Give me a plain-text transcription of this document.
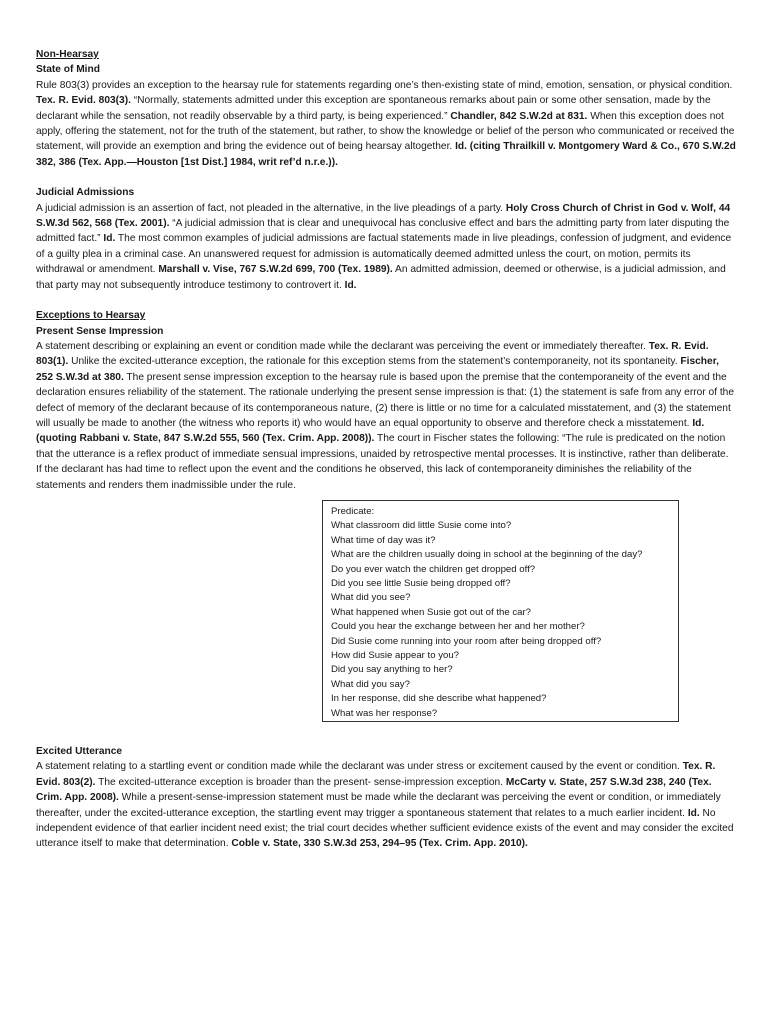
Non-Hearsay
State of Mind

Rule 803(3) provides an exception to the hearsay rule for statements regarding one’s then-existing state of mind, emotion, sensation, or physical condition. Tex. R. Evid. 803(3). “Normally, statements admitted under this exception are spontaneous remarks about pain or some other sensation, made by the declarant while the sensation, not readily observable by a third party, is being experienced.” Chandler, 842 S.W.2d at 831. When this exception does not apply, offering the statement, not for the truth of the statement, but rather, to show the knowledge or belief of the person who communicated or received the statement, will provide an exemption and bring the evidence out of being hearsay altogether. Id. (citing Thrailkill v. Montgomery Ward & Co., 670 S.W.2d 382, 386 (Tex. App.—Houston [1st Dist.] 1984, writ ref’d n.r.e.)).

Judicial Admissions

A judicial admission is an assertion of fact, not pleaded in the alternative, in the live pleadings of a party. Holy Cross Church of Christ in God v. Wolf, 44 S.W.3d 562, 568 (Tex. 2001). “A judicial admission that is clear and unequivocal has conclusive effect and bars the admitting party from later disputing the admitted fact.” Id. The most common examples of judicial admissions are factual statements made in live pleadings, confession of judgment, and evidence of a guilty plea in a criminal case. An unanswered request for admission is automatically deemed admitted unless the court, on motion, permits its withdrawal or amendment. Marshall v. Vise, 767 S.W.2d 699, 700 (Tex. 1989). An admitted admission, deemed or otherwise, is a judicial admission, and that party may not subsequently introduce testimony to controvert it. Id.

Exceptions to Hearsay
Present Sense Impression

A statement describing or explaining an event or condition made while the declarant was perceiving the event or immediately thereafter. Tex. R. Evid. 803(1). Unlike the excited-utterance exception, the rationale for this exception stems from the statement’s contemporaneity, not its spontaneity. Fischer, 252 S.W.3d at 380. The present sense impression exception to the hearsay rule is based upon the premise that the contemporaneity of the event and the declaration ensures reliability of the statement. The rationale underlying the present sense impression is that: (1) the statement is safe from any error of the defect of memory of the declarant because of its contemporaneous nature, (2) there is little or no time for a calculated misstatement, and (3) the statement will usually be made to another (the witness who reports it) who would have an equal opportunity to observe and therefore check a misstatement. Id. (quoting Rabbani v. State, 847 S.W.2d 555, 560 (Tex. Crim. App. 2008)). The court in Fischer states the following: “The rule is predicated on the notion that the utterance is a reflex product of immediate sensual impressions, unaided by retrospective mental processes. It is instinctive, rather than deliberate. If the declarant has had time to reflect upon the event and the conditions he observed, this lack of contemporaneity diminishes the reliability of the statements and renders them inadmissible under the rule.

Predicate:
What classroom did little Susie come into?
What time of day was it?
What are the children usually doing in school at the beginning of the day?
Do you ever watch the children get dropped off?
Did you see little Susie being dropped off?
What did you see?
What happened when Susie got out of the car?
Could you hear the exchange between her and her mother?
Did Susie come running into your room after being dropped off?
How did Susie appear to you?
Did you say anything to her?
What did you say?
In her response, did she describe what happened?
What was her response?
Excited Utterance

A statement relating to a startling event or condition made while the declarant was under stress or excitement caused by the event or condition. Tex. R. Evid. 803(2). The excited-utterance exception is broader than the present- sense-impression exception. McCarty v. State, 257 S.W.3d 238, 240 (Tex. Crim. App. 2008). While a present-sense-impression statement must be made while the declarant was perceiving the event or condition, or immediately thereafter, under the excited-utterance exception, the startling event may trigger a spontaneous statement that relates to a much earlier incident. Id. No independent evidence of that earlier incident need exist; the trial court decides whether sufficient evidence exists of the event and may consider the excited utterance itself to make that determination. Coble v. State, 330 S.W.3d 253, 294–95 (Tex. Crim. App. 2010).
